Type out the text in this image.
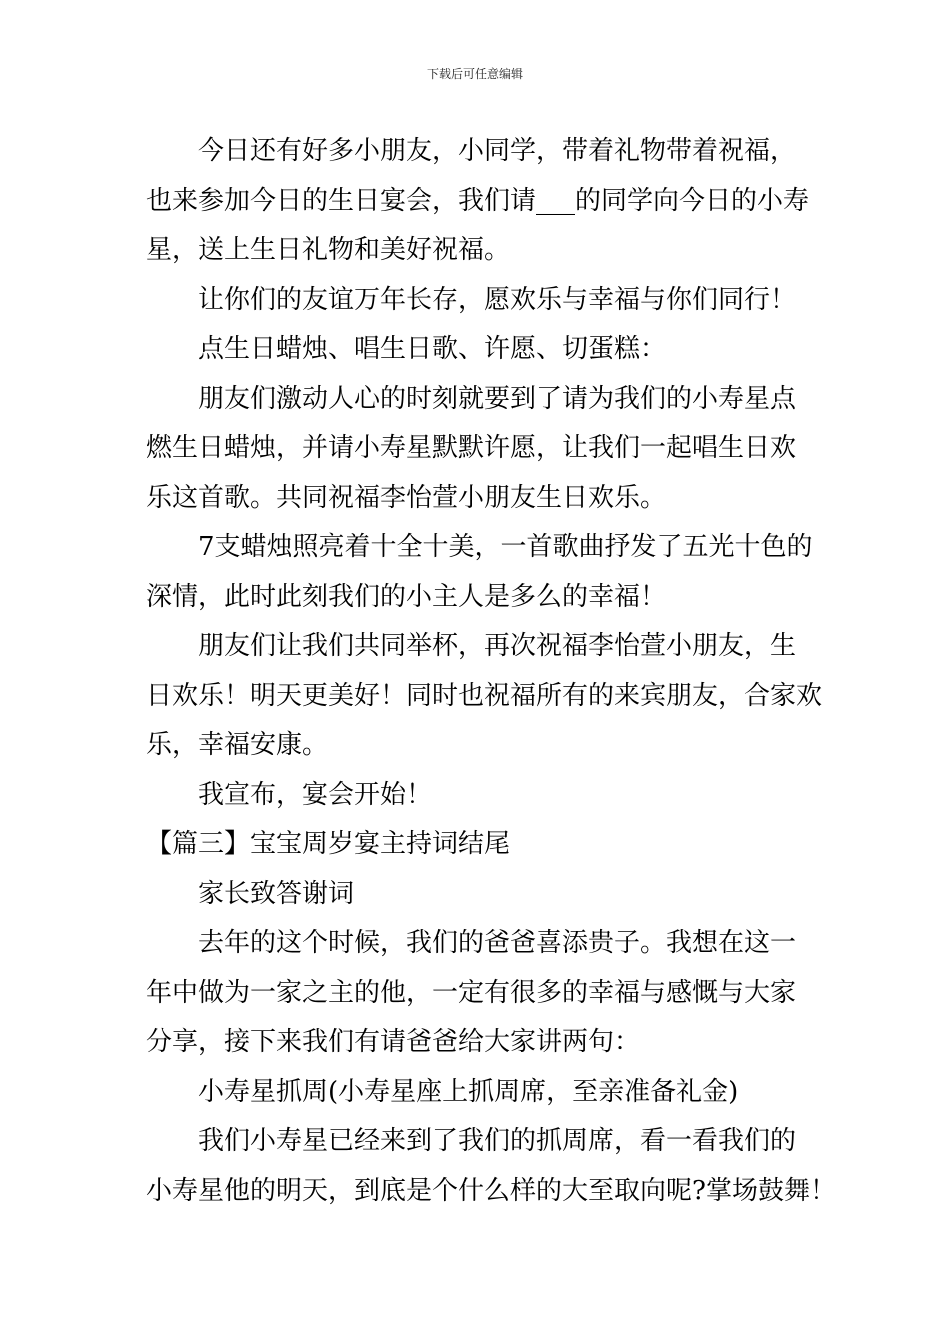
下载后可任意编辑

今日还有好多小朋友，小同学，带着礼物带着祝福，
也来参加今日的生日宴会，我们请___的同学向今日的小寿
星，送上生日礼物和美好祝福。

让你们的友谊万年长存，愿欢乐与幸福与你们同行！

点生日蜡烛、唱生日歌、许愿、切蛋糕：

朋友们激动人心的时刻就要到了请为我们的小寿星点
燃生日蜡烛，并请小寿星默默许愿，让我们一起唱生日欢
乐这首歌。共同祝福李怡萱小朋友生日欢乐。

7支蜡烛照亮着十全十美，一首歌曲抒发了五光十色的
深情，此时此刻我们的小主人是多么的幸福！

朋友们让我们共同举杯，再次祝福李怡萱小朋友，生
日欢乐！明天更美好！同时也祝福所有的来宾朋友，合家欢
乐，幸福安康。

我宣布，宴会开始！

【篇三】宝宝周岁宴主持词结尾

家长致答谢词

去年的这个时候，我们的爸爸喜添贵子。我想在这一
年中做为一家之主的他，一定有很多的幸福与感慨与大家
分享，接下来我们有请爸爸给大家讲两句：

小寿星抓周(小寿星座上抓周席，至亲准备礼金)

我们小寿星已经来到了我们的抓周席，看一看我们的
小寿星他的明天，到底是个什么样的大至取向呢?掌场鼓舞！
